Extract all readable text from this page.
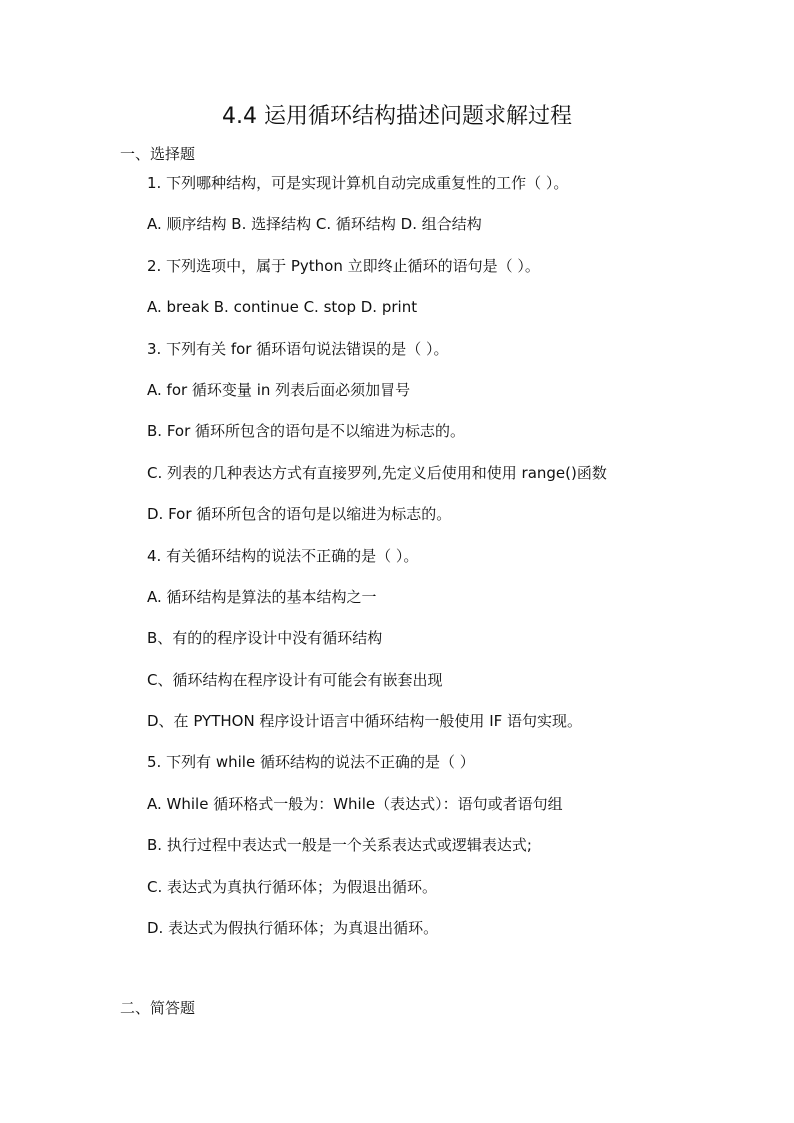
4.4 运用循环结构描述问题求解过程
一、选择题
1. 下列哪种结构，可是实现计算机自动完成重复性的工作（ ）。
A. 顺序结构 B. 选择结构 C. 循环结构 D. 组合结构
2. 下列选项中，属于 Python 立即终止循环的语句是（ ）。
A. break B. continue C. stop D. print
3. 下列有关 for 循环语句说法错误的是（ ）。
A. for 循环变量 in 列表后面必须加冒号
B. For 循环所包含的语句是不以缩进为标志的。
C. 列表的几种表达方式有直接罗列,先定义后使用和使用 range()函数
D. For 循环所包含的语句是以缩进为标志的。
4. 有关循环结构的说法不正确的是（ ）。
A. 循环结构是算法的基本结构之一
B、有的的程序设计中没有循环结构
C、循环结构在程序设计有可能会有嵌套出现
D、在 PYTHON 程序设计语言中循环结构一般使用 IF 语句实现。
5. 下列有 while 循环结构的说法不正确的是（ ）
A. While 循环格式一般为：While（表达式）：语句或者语句组
B. 执行过程中表达式一般是一个关系表达式或逻辑表达式;
C. 表达式为真执行循环体；为假退出循环。
D. 表达式为假执行循环体；为真退出循环。
二、简答题
